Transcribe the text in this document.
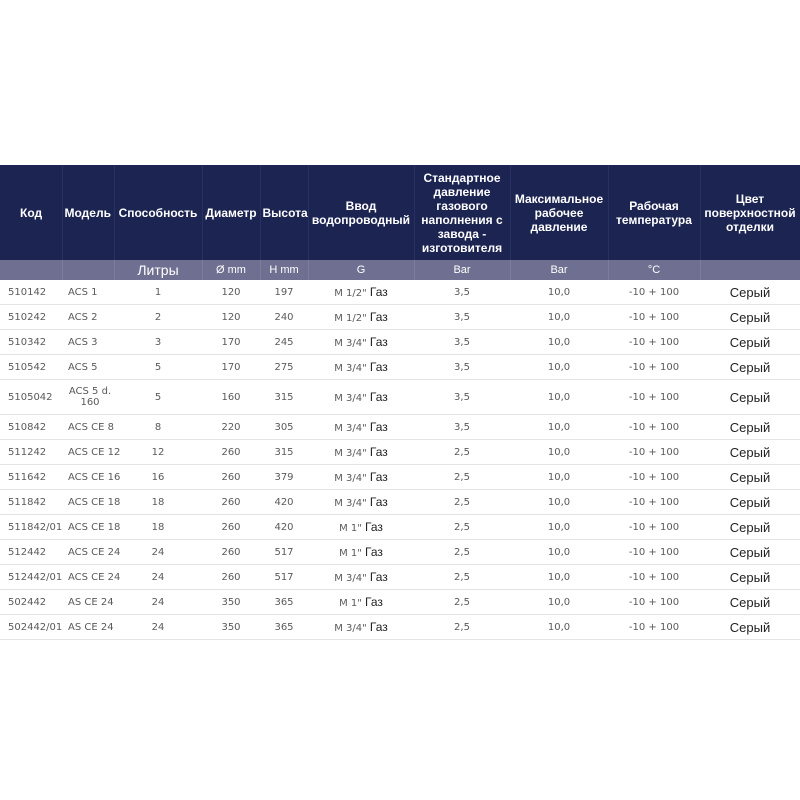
Код	Модель	Способность	Диаметр	Высота	Ввод водопроводный	Стандартное давление газового наполнения с завода - изготовителя	Максимальное рабочее давление	Рабочая температура	Цвет поверхностной отделки
		Литры	Ø mm	H mm	G	Bar	Bar	°C	
510142	ACS 1	1	120	197	M 1/2" Газ	3,5	10,0	-10 + 100	Серый
510242	ACS 2	2	120	240	M 1/2" Газ	3,5	10,0	-10 + 100	Серый
510342	ACS 3	3	170	245	M 3/4" Газ	3,5	10,0	-10 + 100	Серый
510542	ACS 5	5	170	275	M 3/4" Газ	3,5	10,0	-10 + 100	Серый
5105042	ACS 5 d. 160	5	160	315	M 3/4" Газ	3,5	10,0	-10 + 100	Серый
510842	ACS CE 8	8	220	305	M 3/4" Газ	3,5	10,0	-10 + 100	Серый
511242	ACS CE 12	12	260	315	M 3/4" Газ	2,5	10,0	-10 + 100	Серый
511642	ACS CE 16	16	260	379	M 3/4" Газ	2,5	10,0	-10 + 100	Серый
511842	ACS CE 18	18	260	420	M 3/4" Газ	2,5	10,0	-10 + 100	Серый
511842/01	ACS CE 18	18	260	420	M 1" Газ	2,5	10,0	-10 + 100	Серый
512442	ACS CE 24	24	260	517	M 1" Газ	2,5	10,0	-10 + 100	Серый
512442/01	ACS CE 24	24	260	517	M 3/4" Газ	2,5	10,0	-10 + 100	Серый
502442	AS CE 24	24	350	365	M 1" Газ	2,5	10,0	-10 + 100	Серый
502442/01	AS CE 24	24	350	365	M 3/4" Газ	2,5	10,0	-10 + 100	Серый
